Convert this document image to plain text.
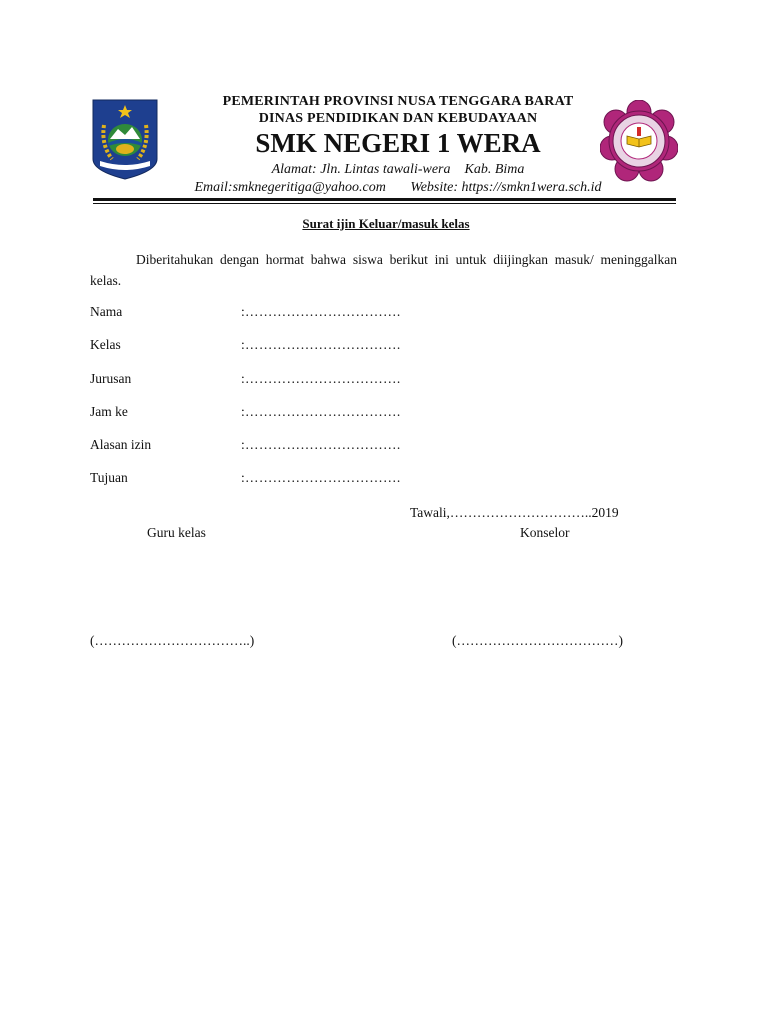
PEMERINTAH PROVINSI NUSA TENGGARA BARAT
DINAS PENDIDIKAN DAN KEBUDAYAAN
SMK NEGERI 1 WERA
Alamat: Jln. Lintas tawali-wera    Kab. Bima
Email:smknegeritiga@yahoo.com       Website: https://smkn1wera.sch.id
Surat ijin Keluar/masuk kelas
Diberitahukan dengan hormat bahwa siswa berikut ini untuk diijingkan masuk/ meninggalkan kelas.
Nama	:…………………………….
Kelas	:…………………………….
Jurusan	:…………………………….
Jam ke	:…………………………….
Alasan izin	:…………………………….
Tujuan	:…………………………….
Tawali,…………………………..2019
Guru kelas	Konselor
(……………………………..)	(………………………………)
